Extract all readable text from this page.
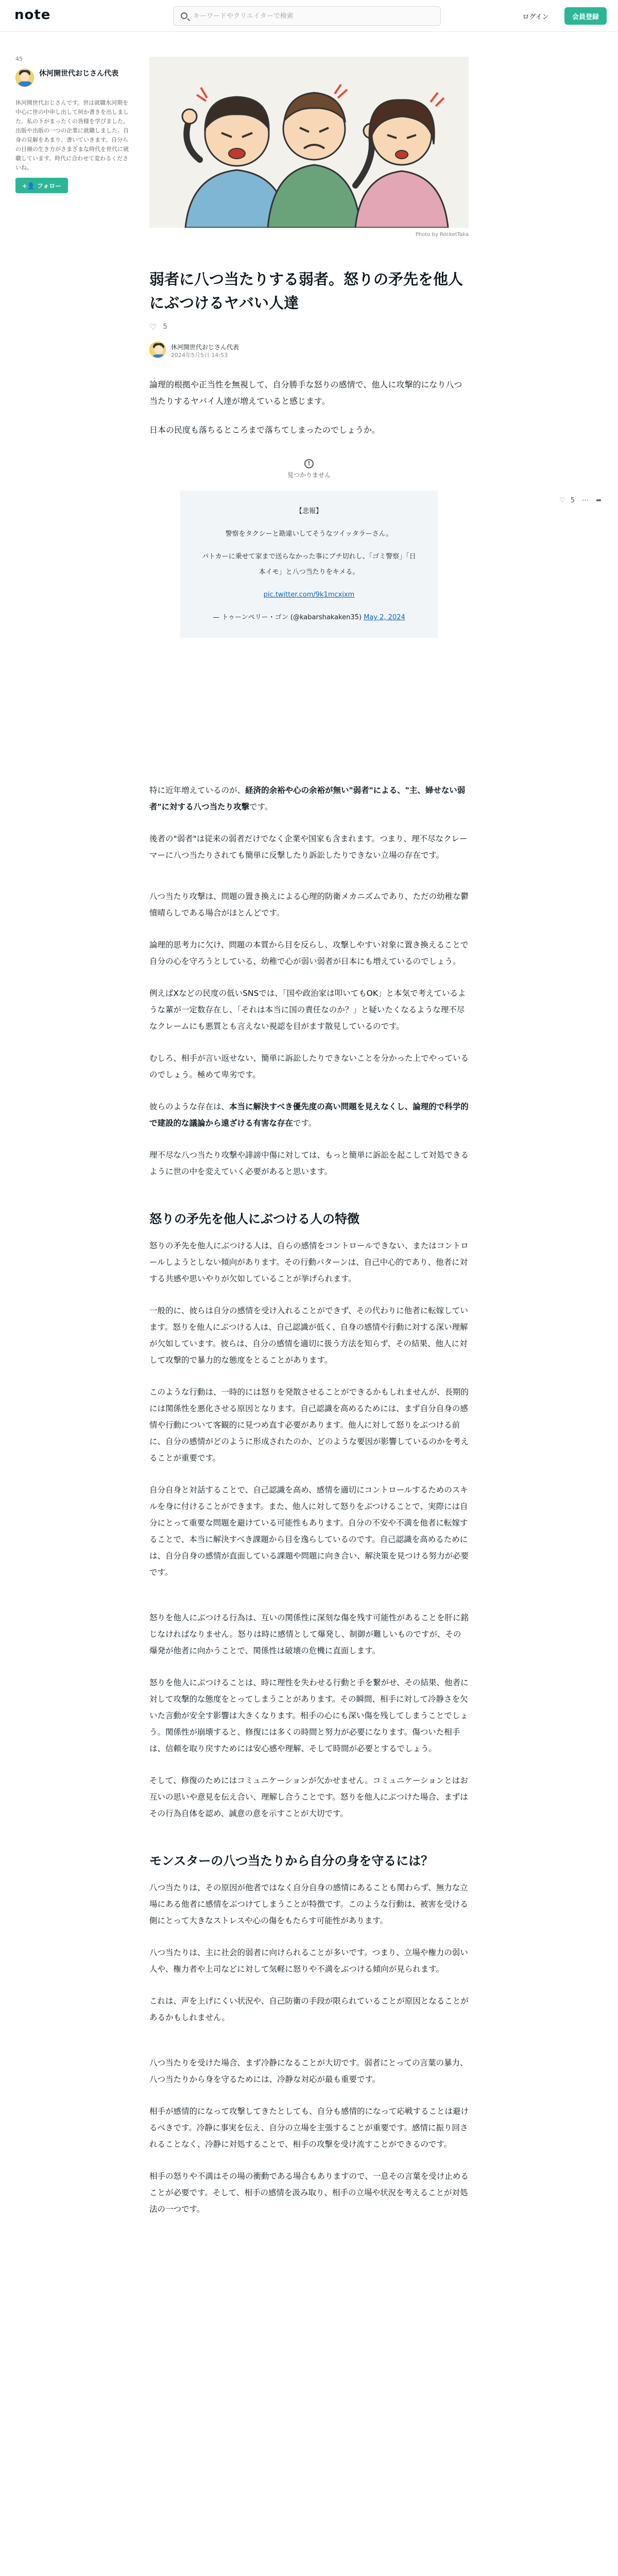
note
キーワードやクリエイターで検索	ログイン	会員登録
45
休河開世代おじさん代表
休河開世代おじさんです。世は就職氷河期を中心に世の中申し出して何か書きを出しました。私の下がまったくの皆様を学びました。出版や出版の一つの企業に就職しました。自身の見解をあまり、書いていきます。自分らの目線の生き方がさまざまな時代を世代に就職しています。時代に合わせて変わるくださいね。
+👤 フォロー
♡ 5 ⋯ ➦
Photo by RocketTaka
弱者に八つ当たりする弱者。怒りの矛先を他人にぶつけるヤバい人達
♡ 5
休河開世代おじさん代表
2024年5月5日 14:53

論理的根拠や正当性を無視して、自分勝手な怒りの感情で、他人に攻撃的になり八つ当たりするヤバイ人達が増えていると感じます。

日本の民度も落ちるところまで落ちてしまったのでしょうか。

!
見つかりません

【悲報】

警察をタクシーと勘違いしてそうなツイッタラーさん。

パトカーに乗せて家まで送らなかった事にブチ切れし、「ゴミ警察」「日本イモ」と八つ当たりをキメる。

pic.twitter.com/9k1mcxjxm

— トゥーンペリー・ゴン (@kabarshakaken35) May 2, 2024

特に近年増えているのが、経済的余裕や心の余裕が無い"弱者"による、"主、婦せない弱者"に対する八つ当たり攻撃です。

後者の"弱者"は従来の弱者だけでなく企業や国家も含まれます。つまり、理不尽なクレーマーに八つ当たりされても簡単に反撃したり訴訟したりできない立場の存在です。

八つ当たり攻撃は、問題の置き換えによる心理的防衛メカニズムであり、ただの幼稚な鬱憤晴らしである場合がほとんどです。

論理的思考力に欠け、問題の本質から目を反らし、攻撃しやすい対象に置き換えることで自分の心を守ろうとしている、幼稚で心が弱い弱者が日本にも増えているのでしょう。

例えばXなどの民度の低いSNSでは、「国や政治家は叩いてもOK」と本気で考えているような輩が一定数存在し、「それは本当に国の責任なのか？」と疑いたくなるような理不尽なクレームにも悪質とも言えない視認を目がます散見しているのです。

むしろ、相手が言い返せない、簡単に訴訟したりできないことを分かった上でやっているのでしょう。極めて卑劣です。

彼らのような存在は、本当に解決すべき優先度の高い問題を見えなくし、論理的で科学的で建設的な議論から遠ざける有害な存在です。

理不尽な八つ当たり攻撃や誹謗中傷に対しては、もっと簡単に訴訟を起こして対処できるように世の中を変えていく必要があると思います。

怒りの矛先を他人にぶつける人の特徴

怒りの矛先を他人にぶつける人は、自らの感情をコントロールできない、またはコントロールしようとしない傾向があります。その行動パターンは、自己中心的であり、他者に対する共感や思いやりが欠如していることが挙げられます。

一般的に、彼らは自分の感情を受け入れることができず、その代わりに他者に転嫁しています。怒りを他人にぶつける人は、自己認識が低く、自身の感情や行動に対する深い理解が欠如しています。彼らは、自分の感情を適切に扱う方法を知らず、その結果、他人に対して攻撃的で暴力的な態度をとることがあります。

このような行動は、一時的には怒りを発散させることができるかもしれませんが、長期的には関係性を悪化させる原因となります。自己認識を高めるためには、まず自分自身の感情や行動について客観的に見つめ直す必要があります。他人に対して怒りをぶつける前に、自分の感情がどのように形成されたのか、どのような要因が影響しているのかを考えることが重要です。

自分自身と対話することで、自己認識を高め、感情を適切にコントロールするためのスキルを身に付けることができます。また、他人に対して怒りをぶつけることで、実際には自分にとって重要な問題を避けている可能性もあります。自分の不安や不満を他者に転嫁することで、本当に解決すべき課題から目を逸らしているのです。自己認識を高めるためには、自分自身の感情が直面している課題や問題に向き合い、解決策を見つける努力が必要です。

怒りを他人にぶつける行為は、互いの関係性に深刻な傷を残す可能性があることを肝に銘じなければなりません。怒りは時に感情として爆発し、制御が難しいものですが、その爆発が他者に向かうことで、関係性は破壊の危機に直面します。

怒りを他人にぶつけることは、時に理性を失わせる行動と手を繋がせ、その結果、他者に対して攻撃的な態度をとってしまうことがあります。その瞬間、相手に対して冷静さを欠いた言動が安全す影響は大きくなります。相手の心にも深い傷を残してしまうことでしょう。関係性が崩壊すると、修復には多くの時間と努力が必要になります。傷ついた相手は、信頼を取り戻すためには安心感や理解、そして時間が必要とするでしょう。

そして、修復のためにはコミュニケーションが欠かせません。コミュニケーションとはお互いの思いや意見を伝え合い、理解し合うことです。怒りを他人にぶつけた場合、まずはその行為自体を認め、誠意の意を示すことが大切です。

モンスターの八つ当たりから自分の身を守るには？

八つ当たりは、その原因が他者ではなく自分自身の感情にあることも関わらず、無力な立場にある他者に感情をぶつけてしまうことが特徴です。このような行動は、被害を受ける側にとって大きなストレスや心の傷をもたらす可能性があります。

八つ当たりは、主に社会的弱者に向けられることが多いです。つまり、立場や権力の弱い人や、権力者や上司などに対して気軽に怒りや不満をぶつける傾向が見られます。

これは、声を上げにくい状況や、自己防衛の手段が限られていることが原因となることがあるかもしれません。

八つ当たりを受けた場合、まず冷静になることが大切です。弱者にとっての言葉の暴力、八つ当たりから身を守るためには、冷静な対応が最も重要です。

相手が感情的になって攻撃してきたとしても、自分も感情的になって応戦することは避けるべきです。冷静に事実を伝え、自分の立場を主張することが重要です。感情に振り回されることなく、冷静に対処することで、相手の攻撃を受け流すことができるのです。

相手の怒りや不満はその場の衝動である場合もありますので、一息その言葉を受け止めることが必要です。そして、相手の感情を汲み取り、相手の立場や状況を考えることが対処法の一つです。
